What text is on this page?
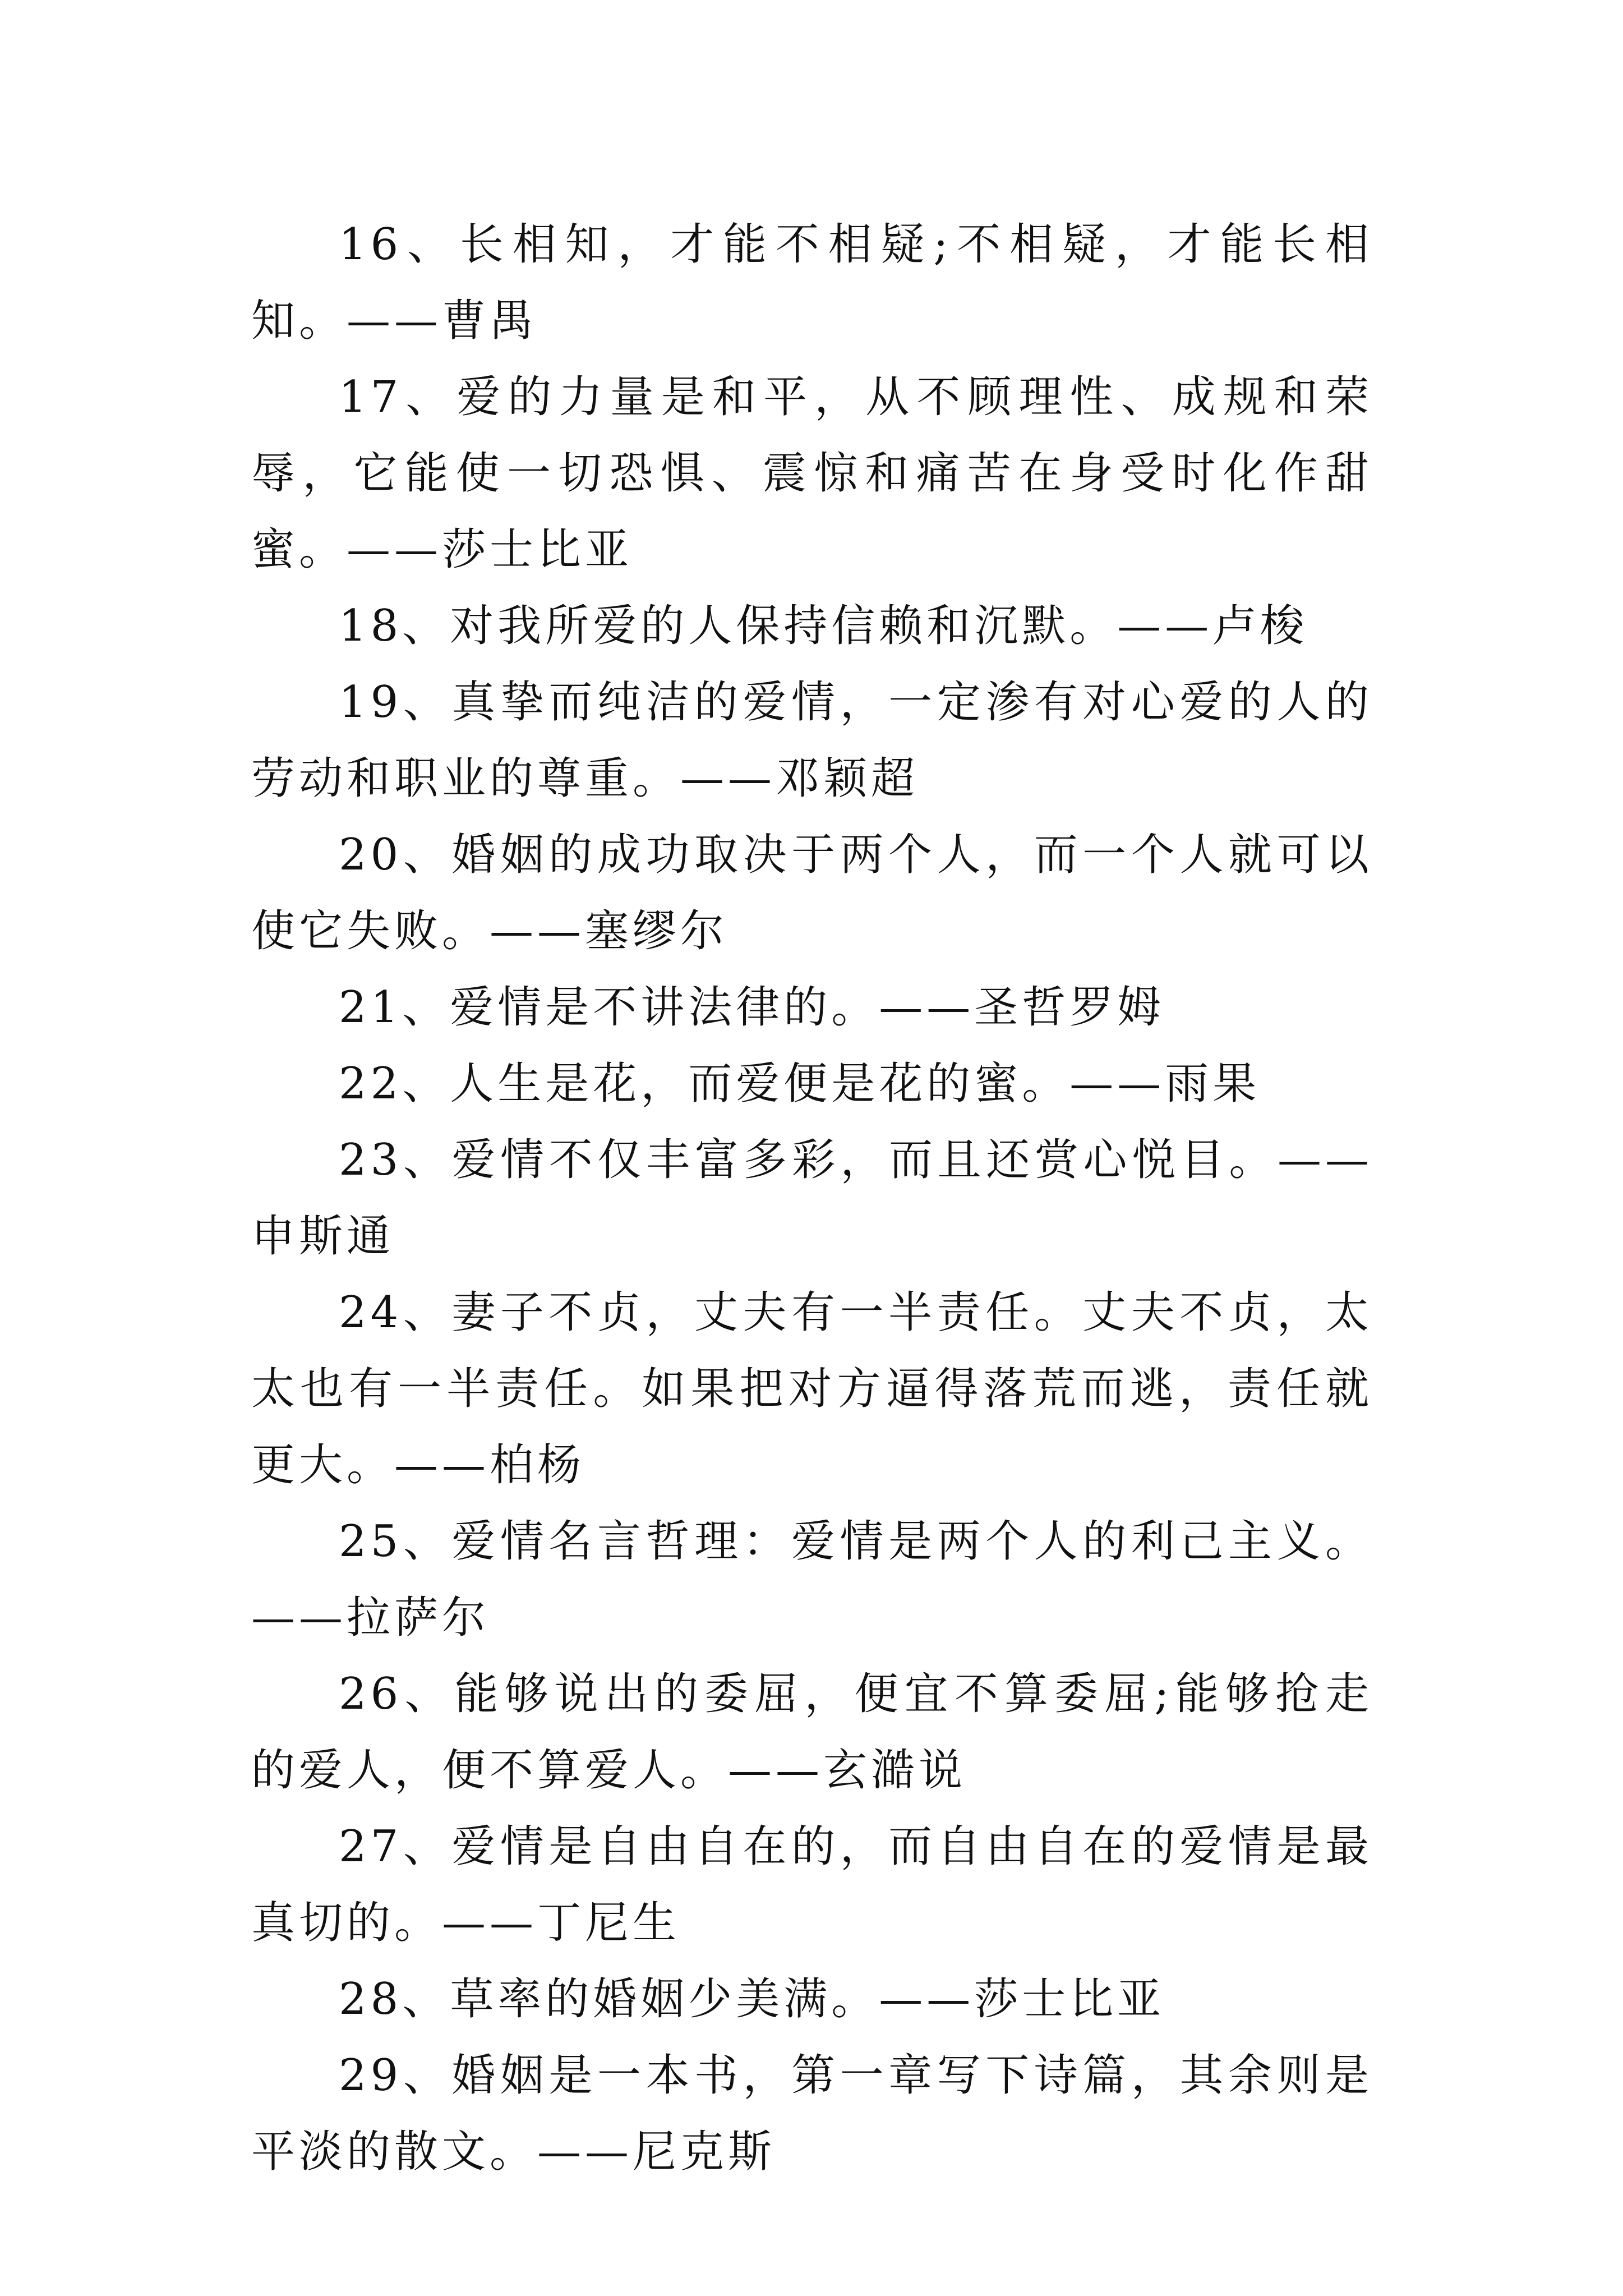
16、长相知，才能不相疑;不相疑，才能长相知。——曹禺

17、爱的力量是和平，从不顾理性、成规和荣辱，它能使一切恐惧、震惊和痛苦在身受时化作甜蜜。——莎士比亚

18、对我所爱的人保持信赖和沉默。——卢梭

19、真挚而纯洁的爱情，一定渗有对心爱的人的劳动和职业的尊重。——邓颖超

20、婚姻的成功取决于两个人，而一个人就可以使它失败。——塞缪尔

21、爱情是不讲法律的。——圣哲罗姆

22、人生是花，而爱便是花的蜜。——雨果

23、爱情不仅丰富多彩，而且还赏心悦目。——申斯通

24、妻子不贞，丈夫有一半责任。丈夫不贞，太太也有一半责任。如果把对方逼得落荒而逃，责任就更大。——柏杨

25、爱情名言哲理：爱情是两个人的利己主义。——拉萨尔

26、能够说出的委屈，便宜不算委屈;能够抢走的爱人，便不算爱人。——玄澔说

27、爱情是自由自在的，而自由自在的爱情是最真切的。——丁尼生

28、草率的婚姻少美满。——莎士比亚

29、婚姻是一本书，第一章写下诗篇，其余则是平淡的散文。——尼克斯
